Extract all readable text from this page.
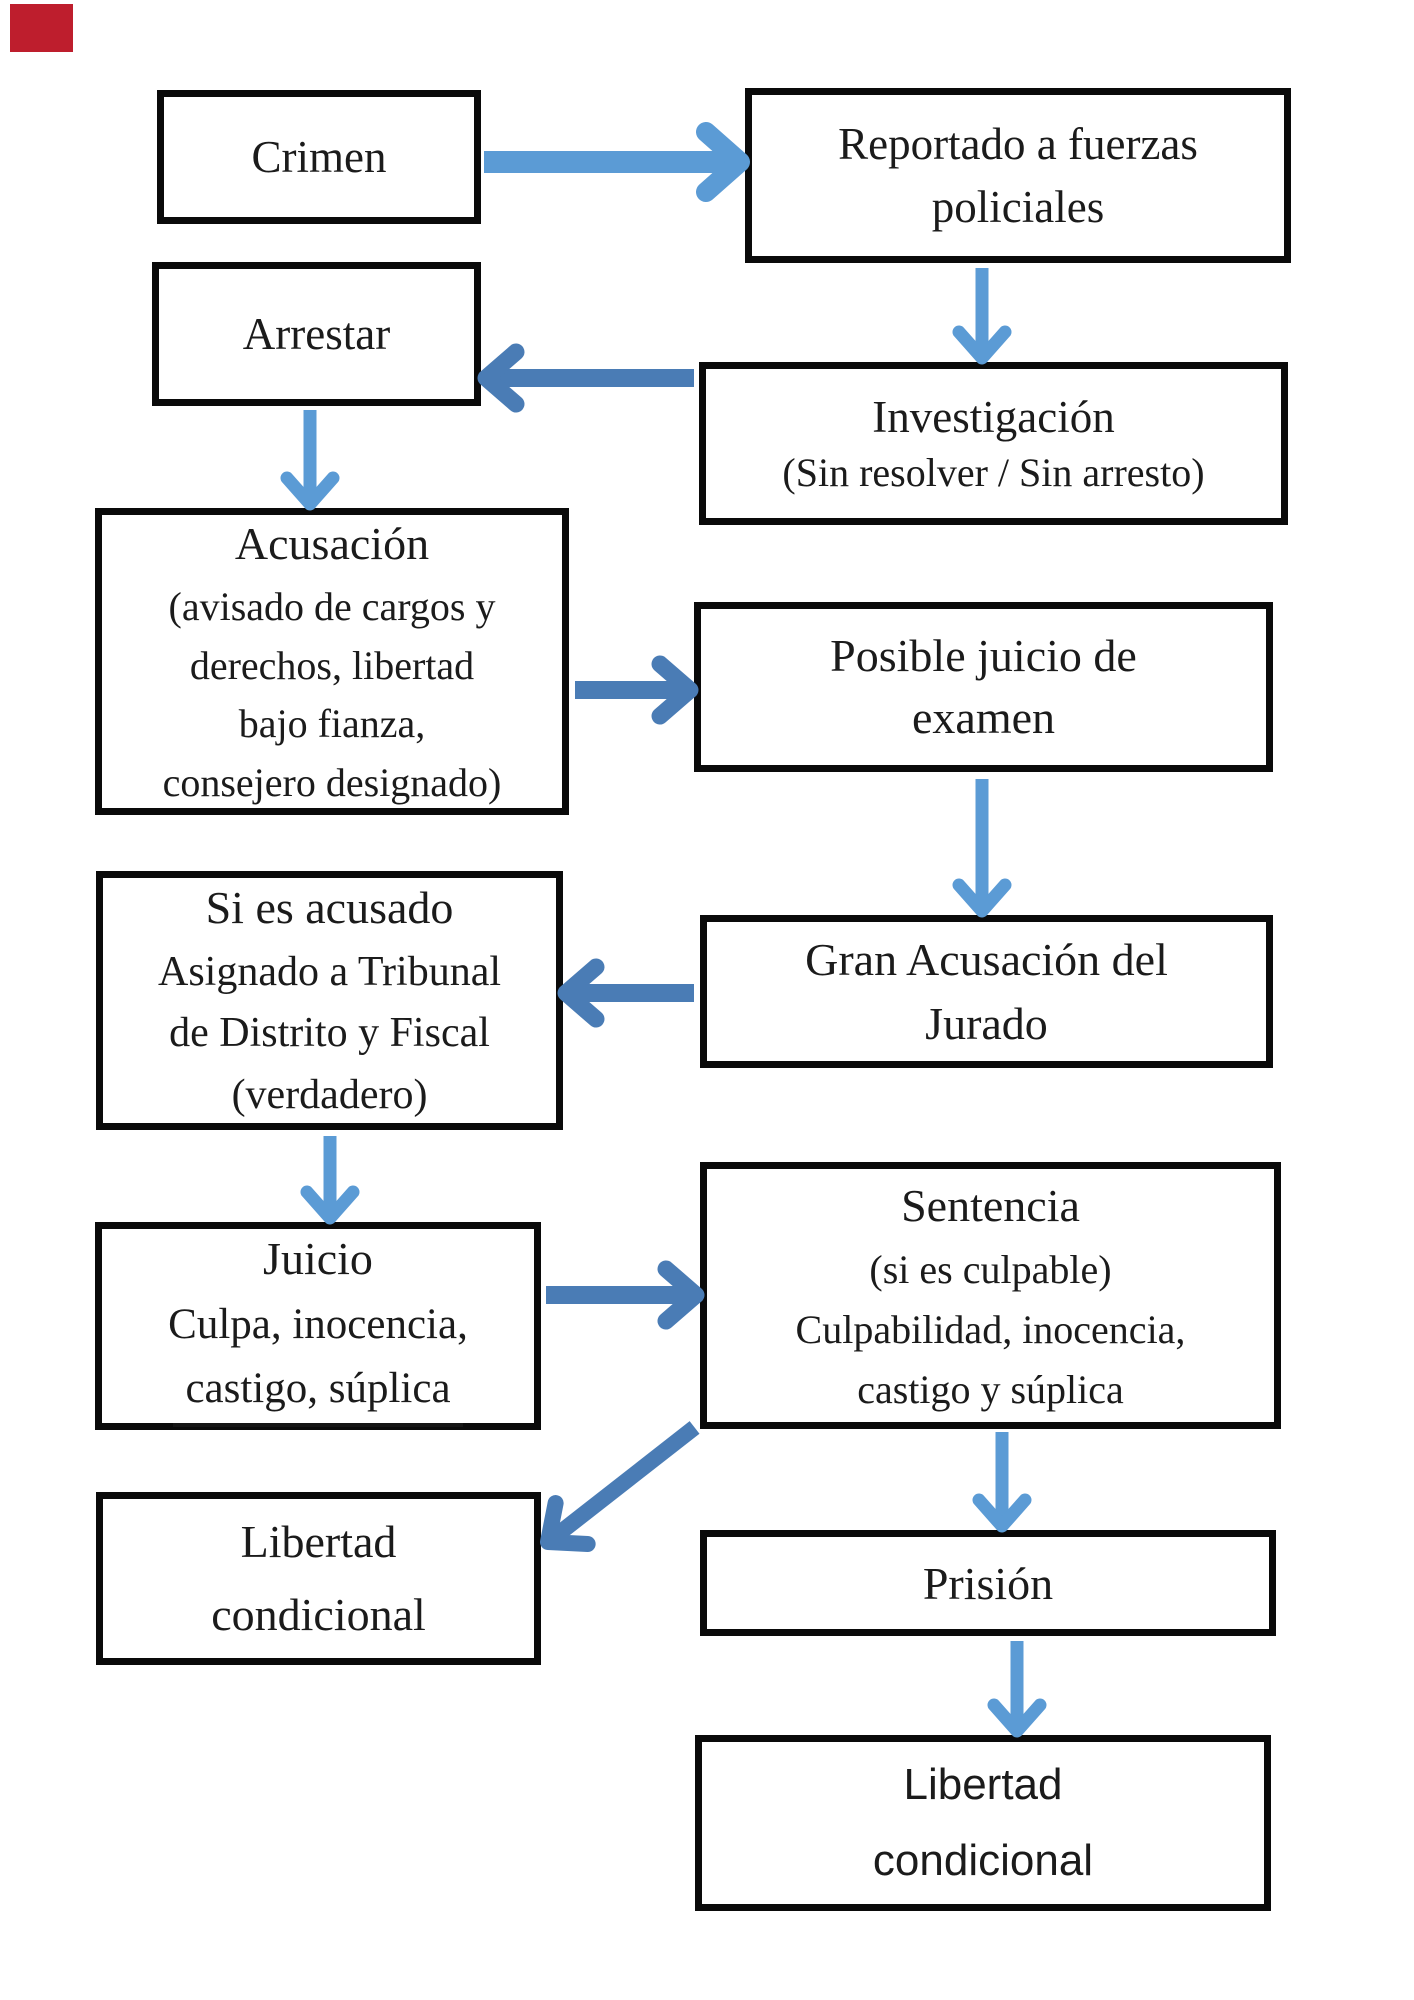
Crimen	Reportado a fuerzas
policiales
Arrestar
Investigación
(Sin resolver / Sin arresto)
Acusación
(avisado de cargos y
derechos, libertad
bajo fianza,
consejero designado)
Posible juicio de
examen
Si es acusado
Asignado a Tribunal
de Distrito y Fiscal
(verdadero)
Gran Acusación del
Jurado
Juicio
Culpa, inocencia,
castigo, súplica
Sentencia
(si es culpable)
Culpabilidad, inocencia,
castigo y súplica
Libertad
condicional
Prisión
Libertad
condicional
